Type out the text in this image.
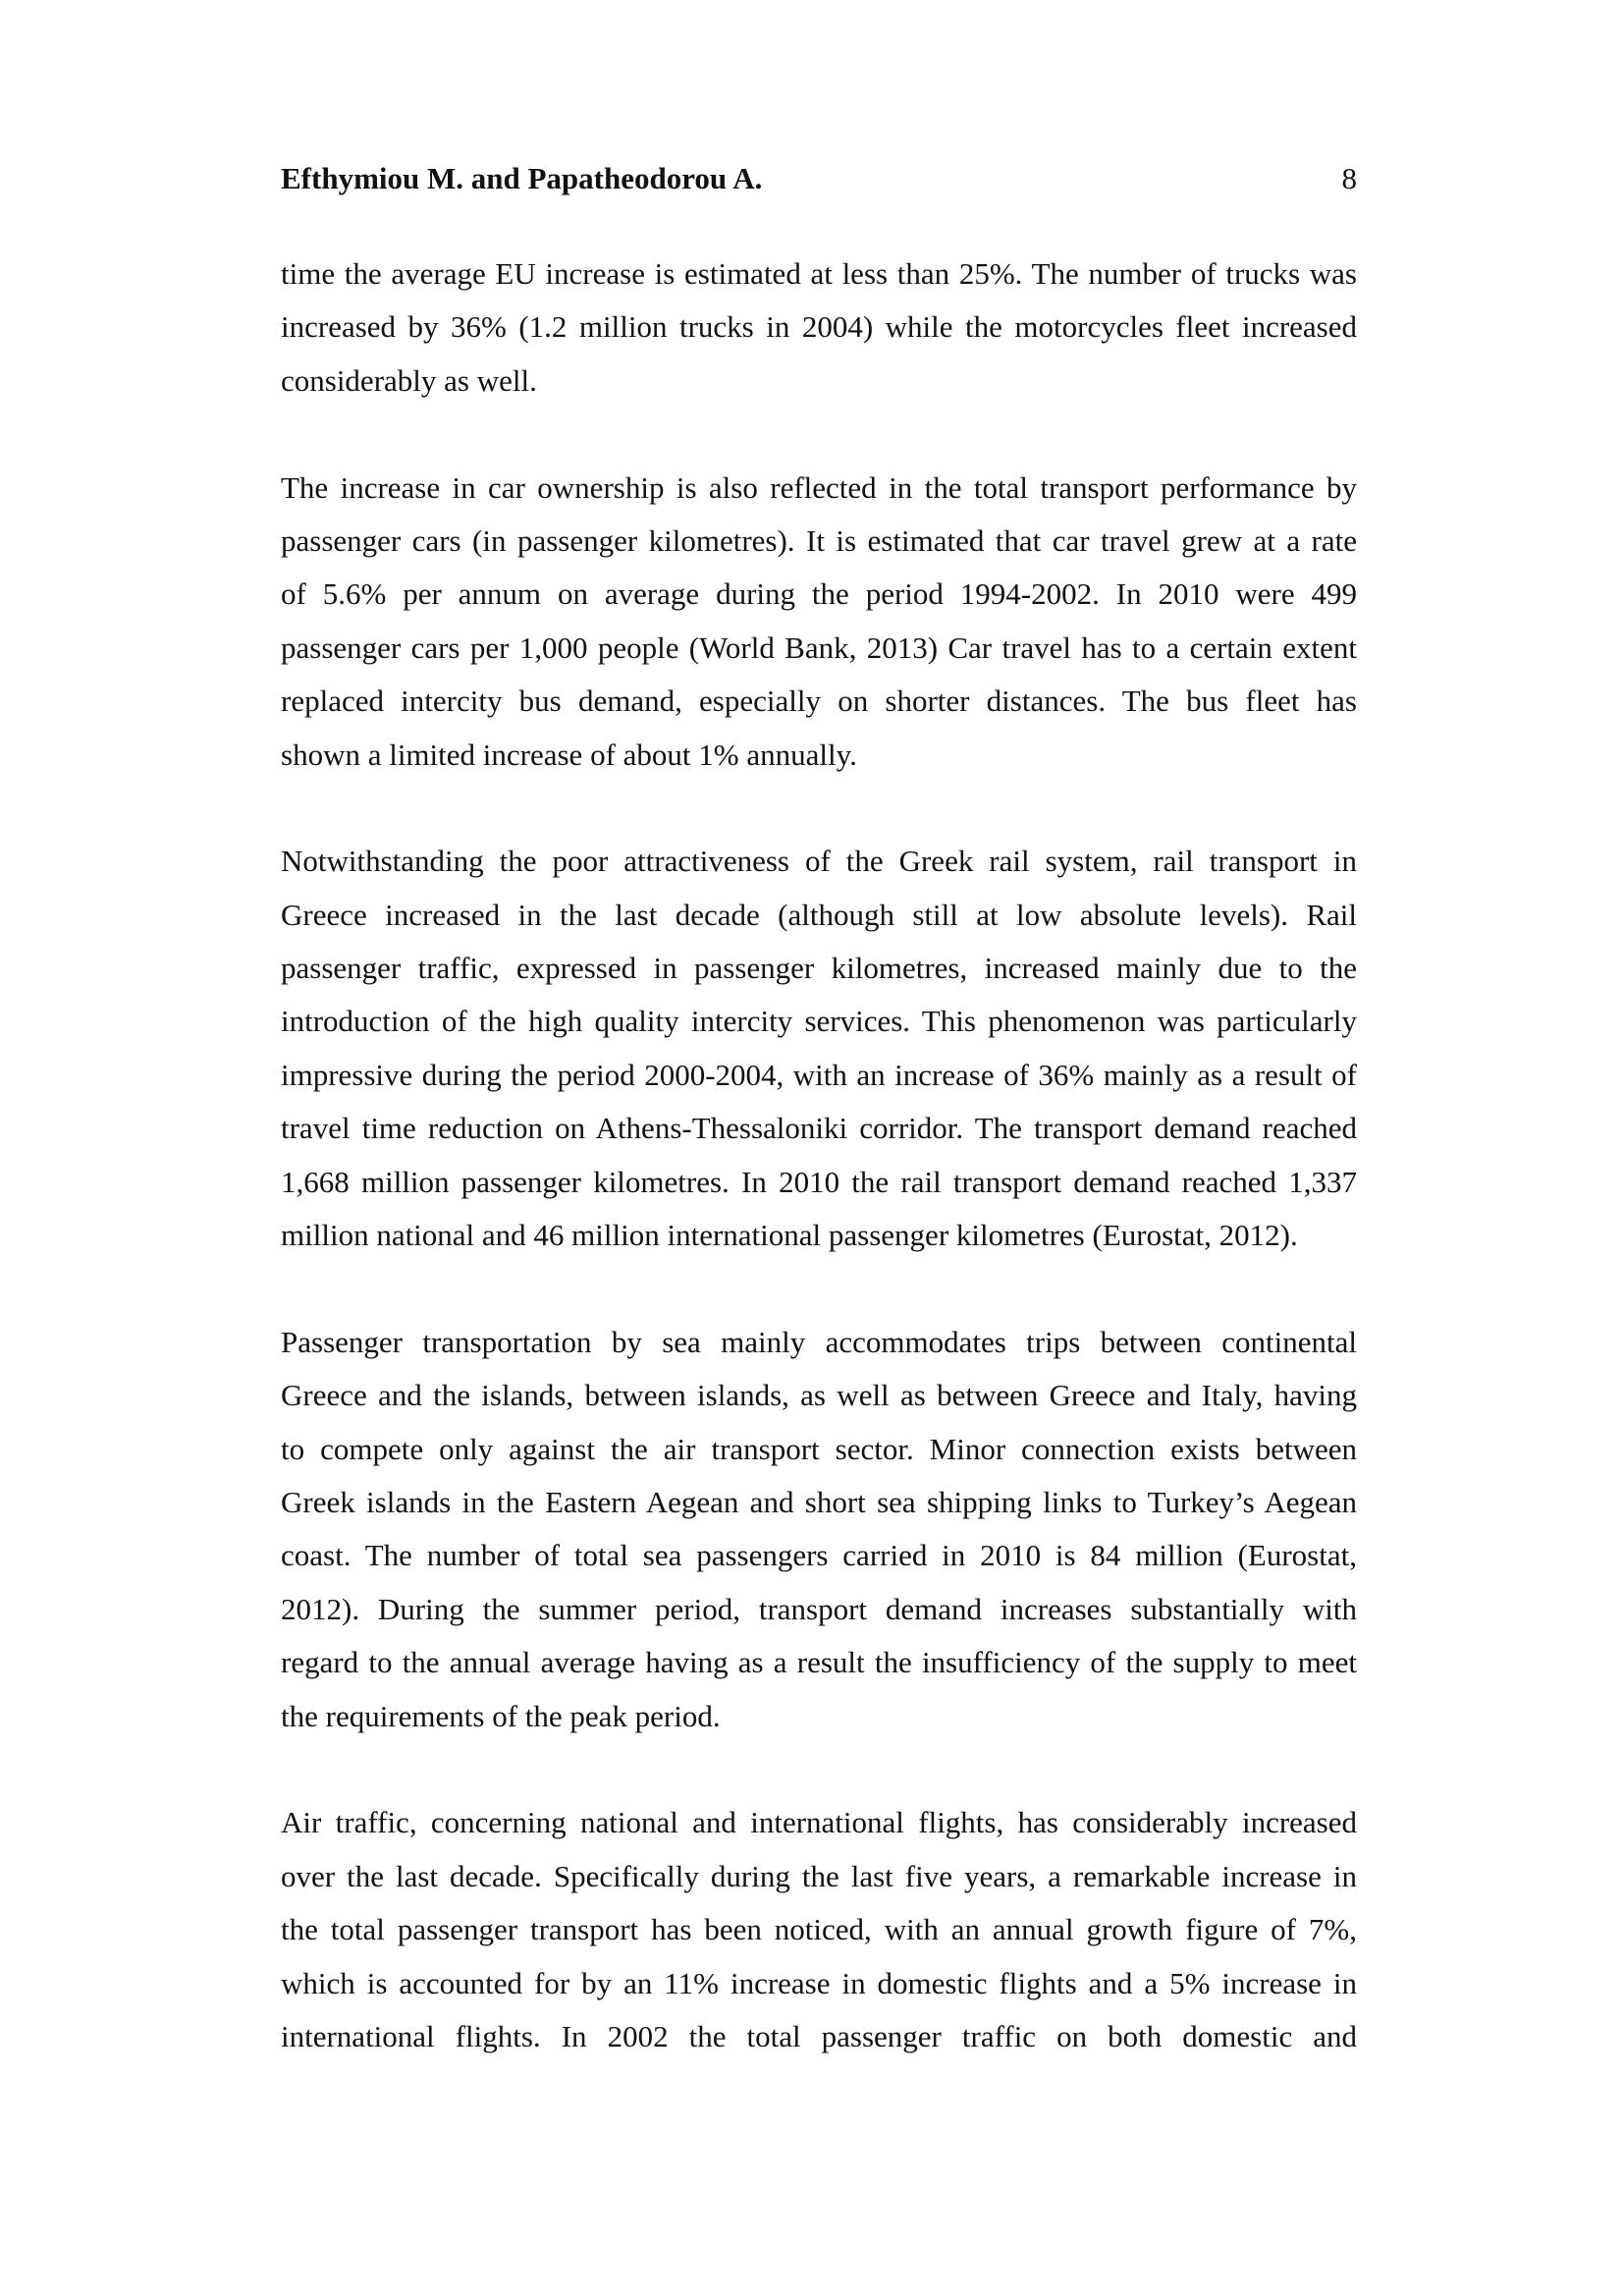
Efthymiou M. and Papatheodorou A.	8

time the average EU increase is estimated at less than 25%. The number of trucks was
increased by 36% (1.2 million trucks in 2004) while the motorcycles fleet increased
considerably as well.

The increase in car ownership is also reflected in the total transport performance by
passenger cars (in passenger kilometres). It is estimated that car travel grew at a rate
of 5.6% per annum on average during the period 1994-2002. In 2010 were 499
passenger cars per 1,000 people (World Bank, 2013) Car travel has to a certain extent
replaced intercity bus demand, especially on shorter distances. The bus fleet has
shown a limited increase of about 1% annually.

Notwithstanding the poor attractiveness of the Greek rail system, rail transport in
Greece increased in the last decade (although still at low absolute levels). Rail
passenger traffic, expressed in passenger kilometres, increased mainly due to the
introduction of the high quality intercity services. This phenomenon was particularly
impressive during the period 2000-2004, with an increase of 36% mainly as a result of
travel time reduction on Athens-Thessaloniki corridor. The transport demand reached
1,668 million passenger kilometres. In 2010 the rail transport demand reached 1,337
million national and 46 million international passenger kilometres (Eurostat, 2012).

Passenger transportation by sea mainly accommodates trips between continental
Greece and the islands, between islands, as well as between Greece and Italy, having
to compete only against the air transport sector. Minor connection exists between
Greek islands in the Eastern Aegean and short sea shipping links to Turkey’s Aegean
coast. The number of total sea passengers carried in 2010 is 84 million (Eurostat,
2012). During the summer period, transport demand increases substantially with
regard to the annual average having as a result the insufficiency of the supply to meet
the requirements of the peak period.

Air traffic, concerning national and international flights, has considerably increased
over the last decade. Specifically during the last five years, a remarkable increase in
the total passenger transport has been noticed, with an annual growth figure of 7%,
which is accounted for by an 11% increase in domestic flights and a 5% increase in
international flights. In 2002 the total passenger traffic on both domestic and
